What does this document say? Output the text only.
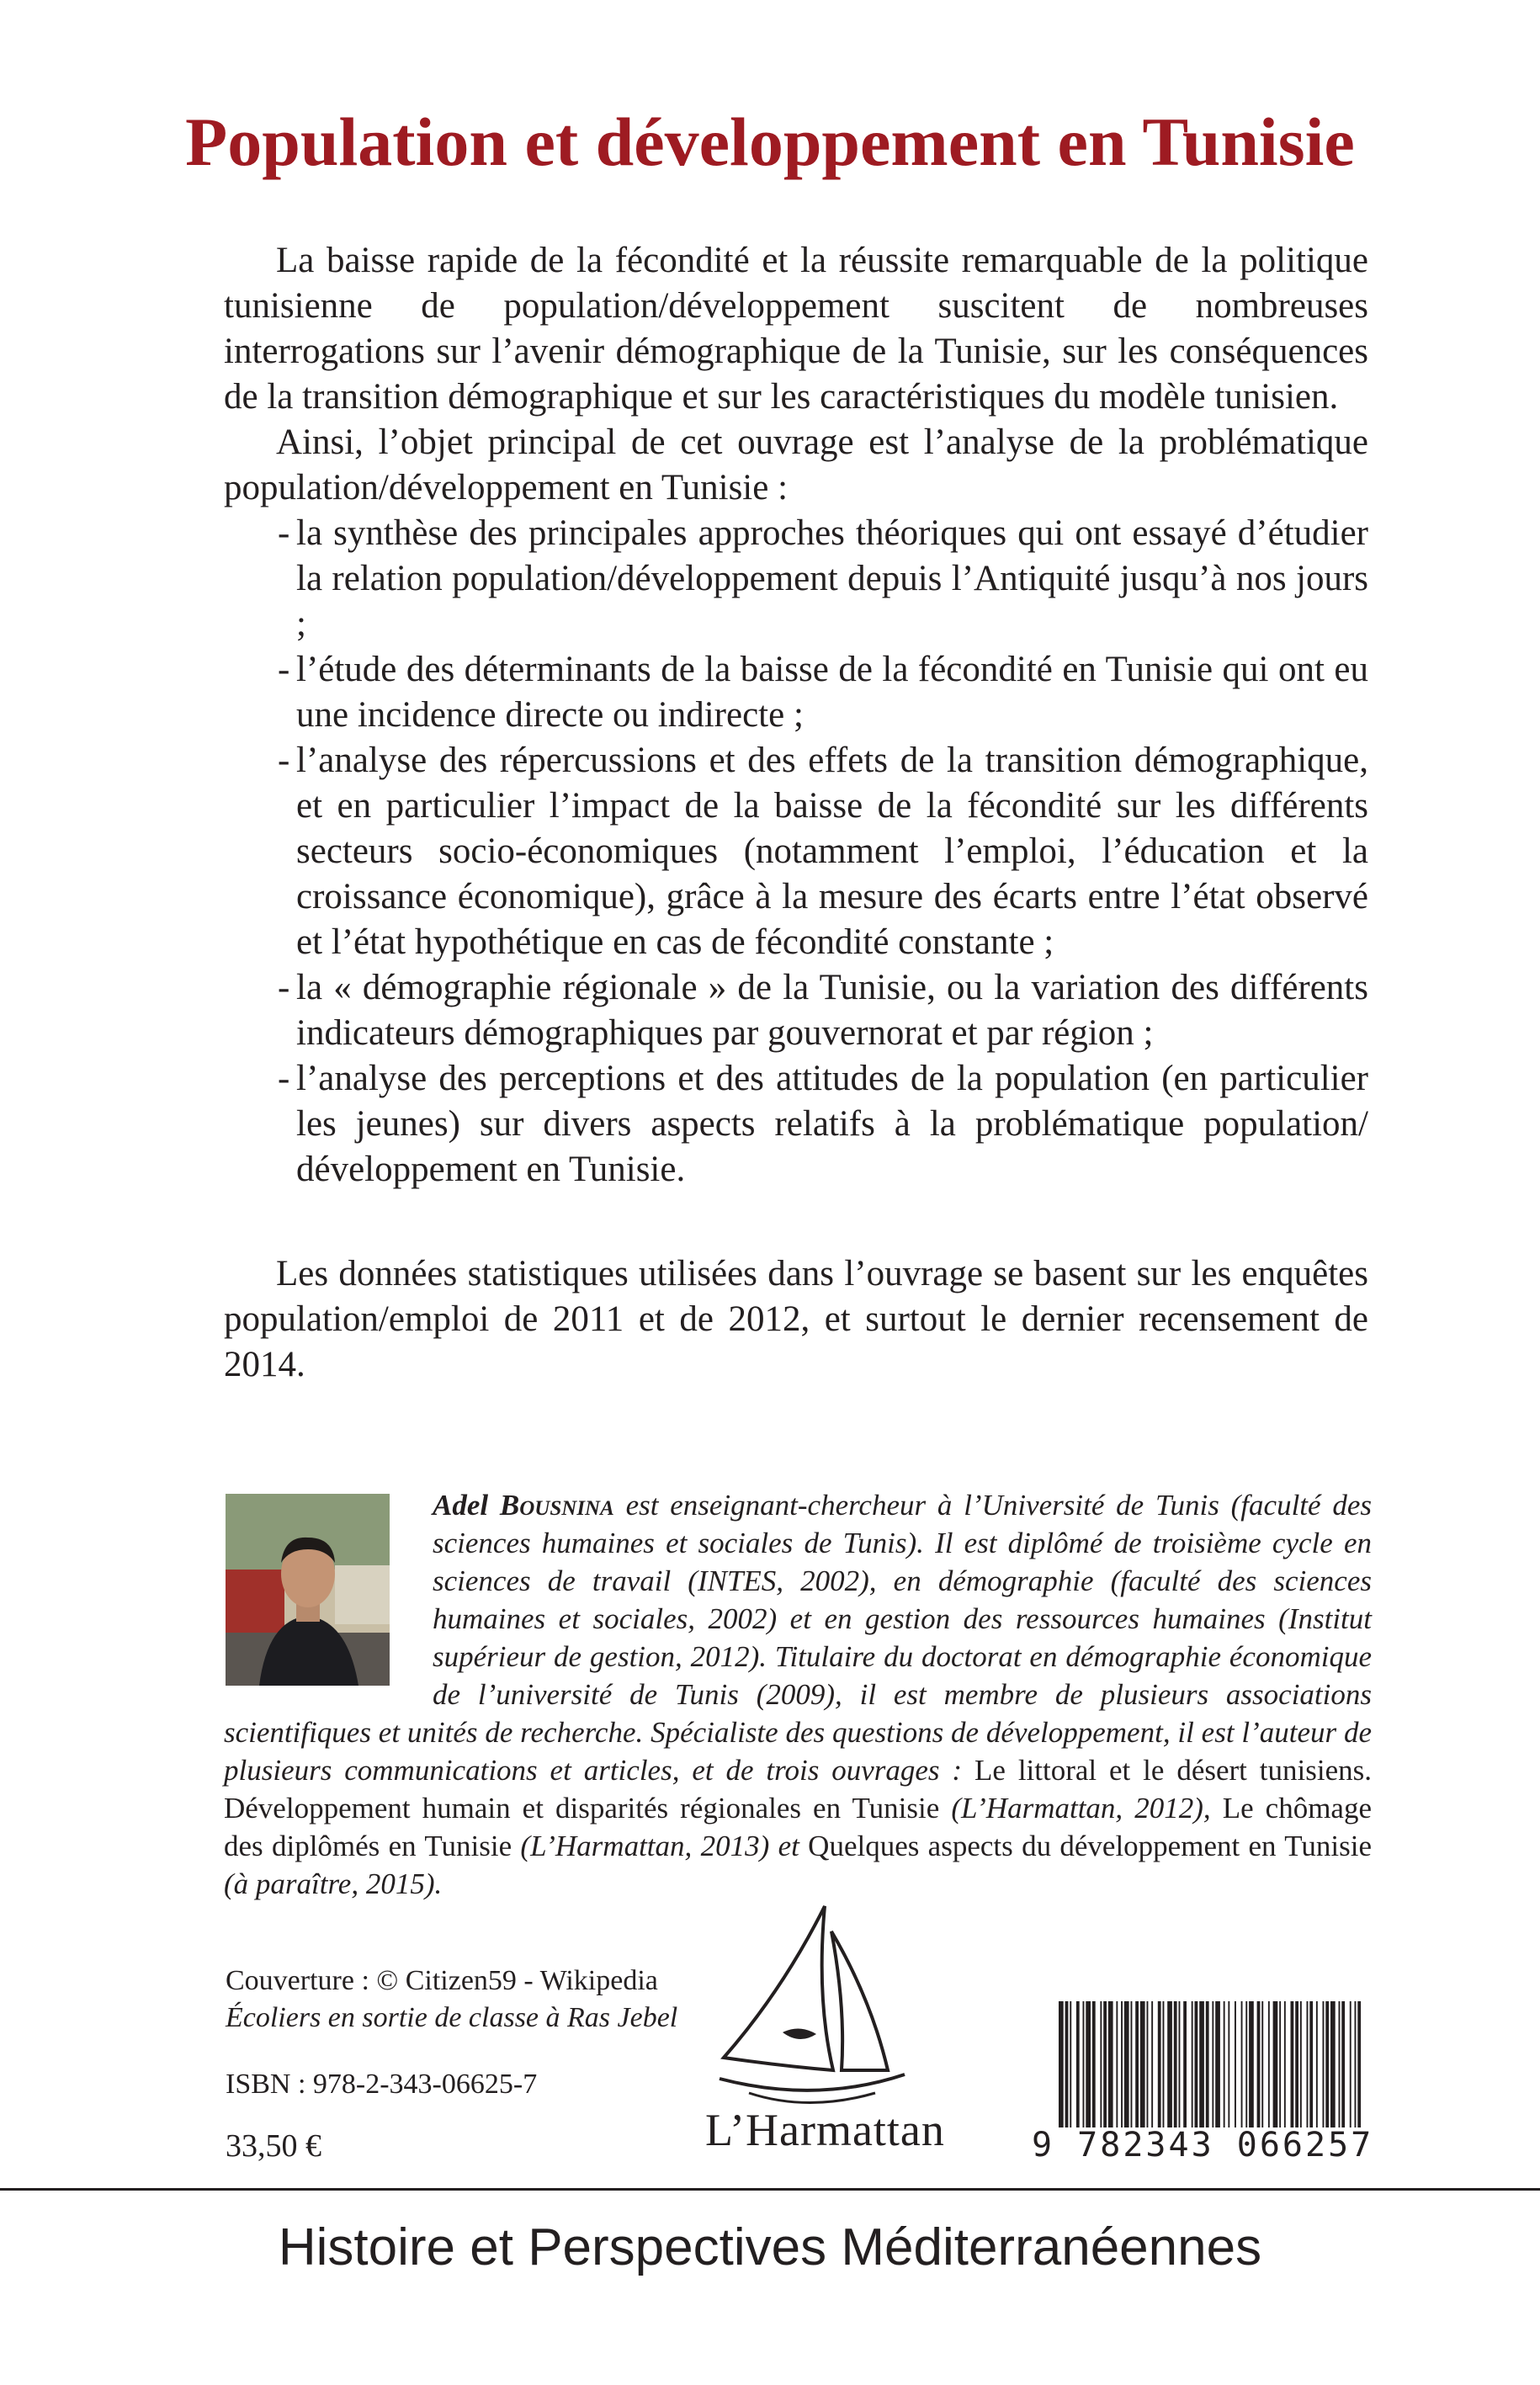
Population et développement en Tunisie

La baisse rapide de la fécondité et la réussite remarquable de la politique tunisienne de population/développement suscitent de nombreuses interrogations sur l’avenir démographique de la Tunisie, sur les conséquences de la transition démographique et sur les caractéristiques du modèle tunisien.

Ainsi, l’objet principal de cet ouvrage est l’analyse de la problématique population/développement en Tunisie :

- la synthèse des principales approches théoriques qui ont essayé d’étudier la relation population/développement depuis l’Antiquité jusqu’à nos jours ;
- l’étude des déterminants de la baisse de la fécondité en Tunisie qui ont eu une incidence directe ou indirecte ;
- l’analyse des répercussions et des effets de la transition démographique, et en particulier l’impact de la baisse de la fécondité sur les différents secteurs socio-économiques (notamment l’emploi, l’éducation et la croissance économique), grâce à la mesure des écarts entre l’état observé et l’état hypothétique en cas de fécondité constante ;
- la « démographie régionale » de la Tunisie, ou la variation des différents indicateurs démographiques par gouvernorat et par région ;
- l’analyse des perceptions et des attitudes de la population (en particulier les jeunes) sur divers aspects relatifs à la problématique population/ développement en Tunisie.

Les données statistiques utilisées dans l’ouvrage se basent sur les enquêtes population/emploi de 2011 et de 2012, et surtout le dernier recensement de 2014.

Adel Bousnina est enseignant-chercheur à l’Université de Tunis (faculté des sciences humaines et sociales de Tunis). Il est diplômé de troisième cycle en sciences de travail (INTES, 2002), en démographie (faculté des sciences humaines et sociales, 2002) et en gestion des ressources humaines (Institut supérieur de gestion, 2012). Titulaire du doctorat en démographie économique de l’université de Tunis (2009), il est membre de plusieurs associations scientifiques et unités de recherche. Spécialiste des questions de développement, il est l’auteur de plusieurs communications et articles, et de trois ouvrages : Le littoral et le désert tunisiens. Développement humain et disparités régionales en Tunisie (L’Harmattan, 2012), Le chômage des diplômés en Tunisie (L’Harmattan, 2013) et Quelques aspects du développement en Tunisie (à paraître, 2015).
Couverture : © Citizen59 - Wikipedia
Écoliers en sortie de classe à Ras Jebel
ISBN : 978-2-343-06625-7
33,50 €	L’Harmattan	9 782343 066257
Histoire et Perspectives Méditerranéennes
